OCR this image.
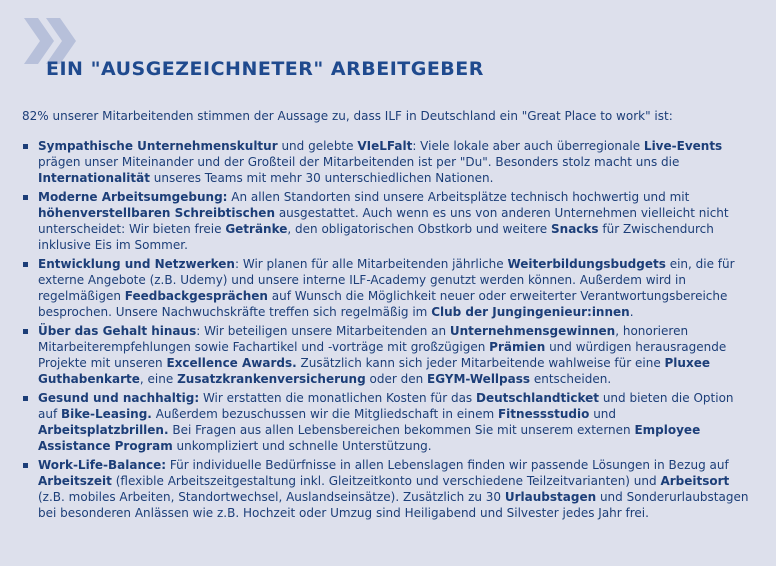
EIN "AUSGEZEICHNETER" ARBEITGEBER

82% unserer Mitarbeitenden stimmen der Aussage zu, dass ILF in Deutschland ein "Great Place to work" ist:

Sympathische Unternehmenskultur und gelebte VIeLFalt: Viele lokale aber auch überregionale Live-Events prägen unser Miteinander und der Großteil der Mitarbeitenden ist per "Du". Besonders stolz macht uns die Internationalität unseres Teams mit mehr 30 unterschiedlichen Nationen.
Moderne Arbeitsumgebung: An allen Standorten sind unsere Arbeitsplätze technisch hochwertig und mit höhenverstellbaren Schreibtischen ausgestattet. Auch wenn es uns von anderen Unternehmen vielleicht nicht unterscheidet: Wir bieten freie Getränke, den obligatorischen Obstkorb und weitere Snacks für Zwischendurch inklusive Eis im Sommer.
Entwicklung und Netzwerken: Wir planen für alle Mitarbeitenden jährliche Weiterbildungsbudgets ein, die für externe Angebote (z.B. Udemy) und unsere interne ILF-Academy genutzt werden können. Außerdem wird in regelmäßigen Feedbackgesprächen auf Wunsch die Möglichkeit neuer oder erweiterter Verantwortungsbereiche besprochen. Unsere Nachwuchskräfte treffen sich regelmäßig im Club der Jungingenieur:innen.
Über das Gehalt hinaus: Wir beteiligen unsere Mitarbeitenden an Unternehmensgewinnen, honorieren Mitarbeiterempfehlungen sowie Fachartikel und -vorträge mit großzügigen Prämien und würdigen herausragende Projekte mit unseren Excellence Awards. Zusätzlich kann sich jeder Mitarbeitende wahlweise für eine Pluxee Guthabenkarte, eine Zusatzkrankenversicherung oder den EGYM-Wellpass entscheiden.
Gesund und nachhaltig: Wir erstatten die monatlichen Kosten für das Deutschlandticket und bieten die Option auf Bike-Leasing. Außerdem bezuschussen wir die Mitgliedschaft in einem Fitnessstudio und Arbeitsplatzbrillen. Bei Fragen aus allen Lebensbereichen bekommen Sie mit unserem externen Employee Assistance Program unkompliziert und schnelle Unterstützung.
Work-Life-Balance: Für individuelle Bedürfnisse in allen Lebenslagen finden wir passende Lösungen in Bezug auf Arbeitszeit (flexible Arbeitszeitgestaltung inkl. Gleitzeitkonto und verschiedene Teilzeitvarianten) und Arbeitsort (z.B. mobiles Arbeiten, Standortwechsel, Auslandseinsätze). Zusätzlich zu 30 Urlaubstagen und Sonderurlaubstagen bei besonderen Anlässen wie z.B. Hochzeit oder Umzug sind Heiligabend und Silvester jedes Jahr frei.
